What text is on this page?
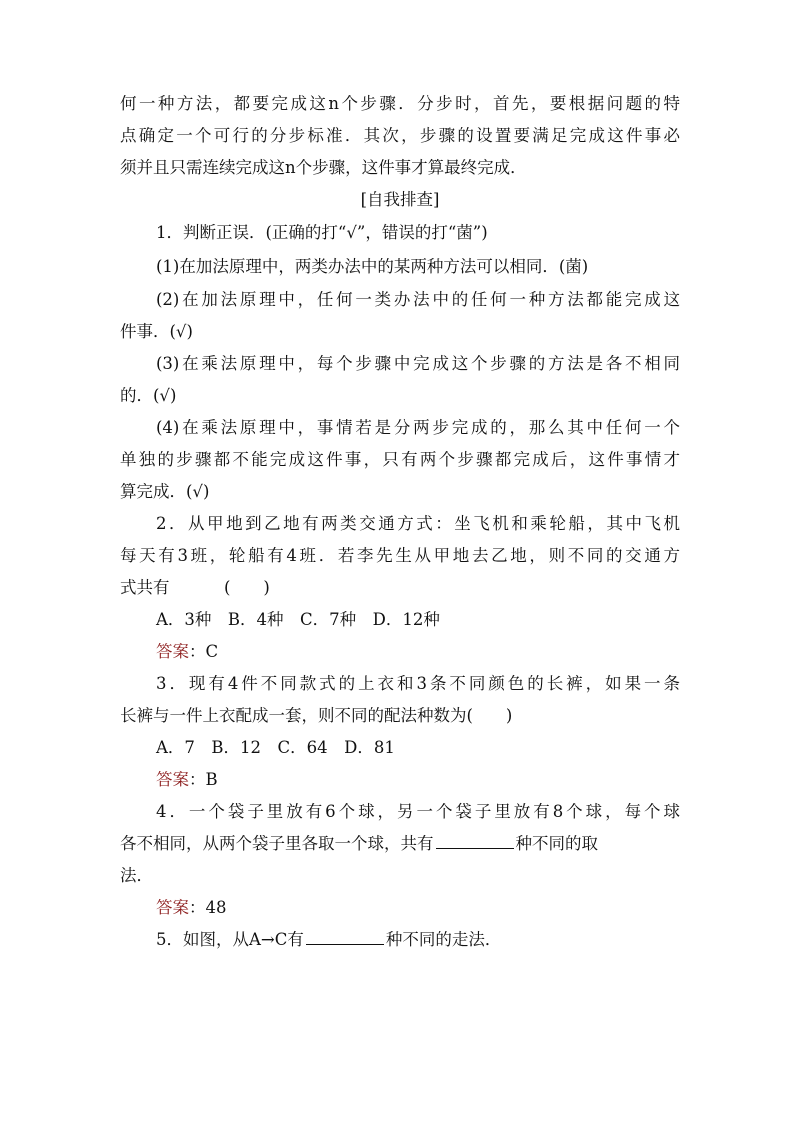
何一种方法，都要完成这n个步骤．分步时，首先，要根据问题的特
点确定一个可行的分步标准．其次，步骤的设置要满足完成这件事必
须并且只需连续完成这n个步骤，这件事才算最终完成．
[自我排查]
1．判断正误．(正确的打“√”，错误的打“菌”)
(1)在加法原理中，两类办法中的某两种方法可以相同．(菌)
(2)在加法原理中，任何一类办法中的任何一种方法都能完成这
件事．(√)
(3)在乘法原理中，每个步骤中完成这个步骤的方法是各不相同
的．(√)
(4)在乘法原理中，事情若是分两步完成的，那么其中任何一个
单独的步骤都不能完成这件事，只有两个步骤都完成后，这件事情才
算完成．(√)
2．从甲地到乙地有两类交通方式：坐飞机和乘轮船，其中飞机
每天有3班，轮船有4班．若李先生从甲地去乙地，则不同的交通方
式共有	(　　)
A．3种　B．4种　C．7种　D．12种
答案：C
3．现有4件不同款式的上衣和3条不同颜色的长裤，如果一条
长裤与一件上衣配成一套，则不同的配法种数为(　　)
A．7　B．12　C．64　D．81
答案：B
4．一个袋子里放有6个球，另一个袋子里放有8个球，每个球
各不相同，从两个袋子里各取一个球，共有	种不同的取
法．
答案：48
5．如图，从A→C有	种不同的走法．
